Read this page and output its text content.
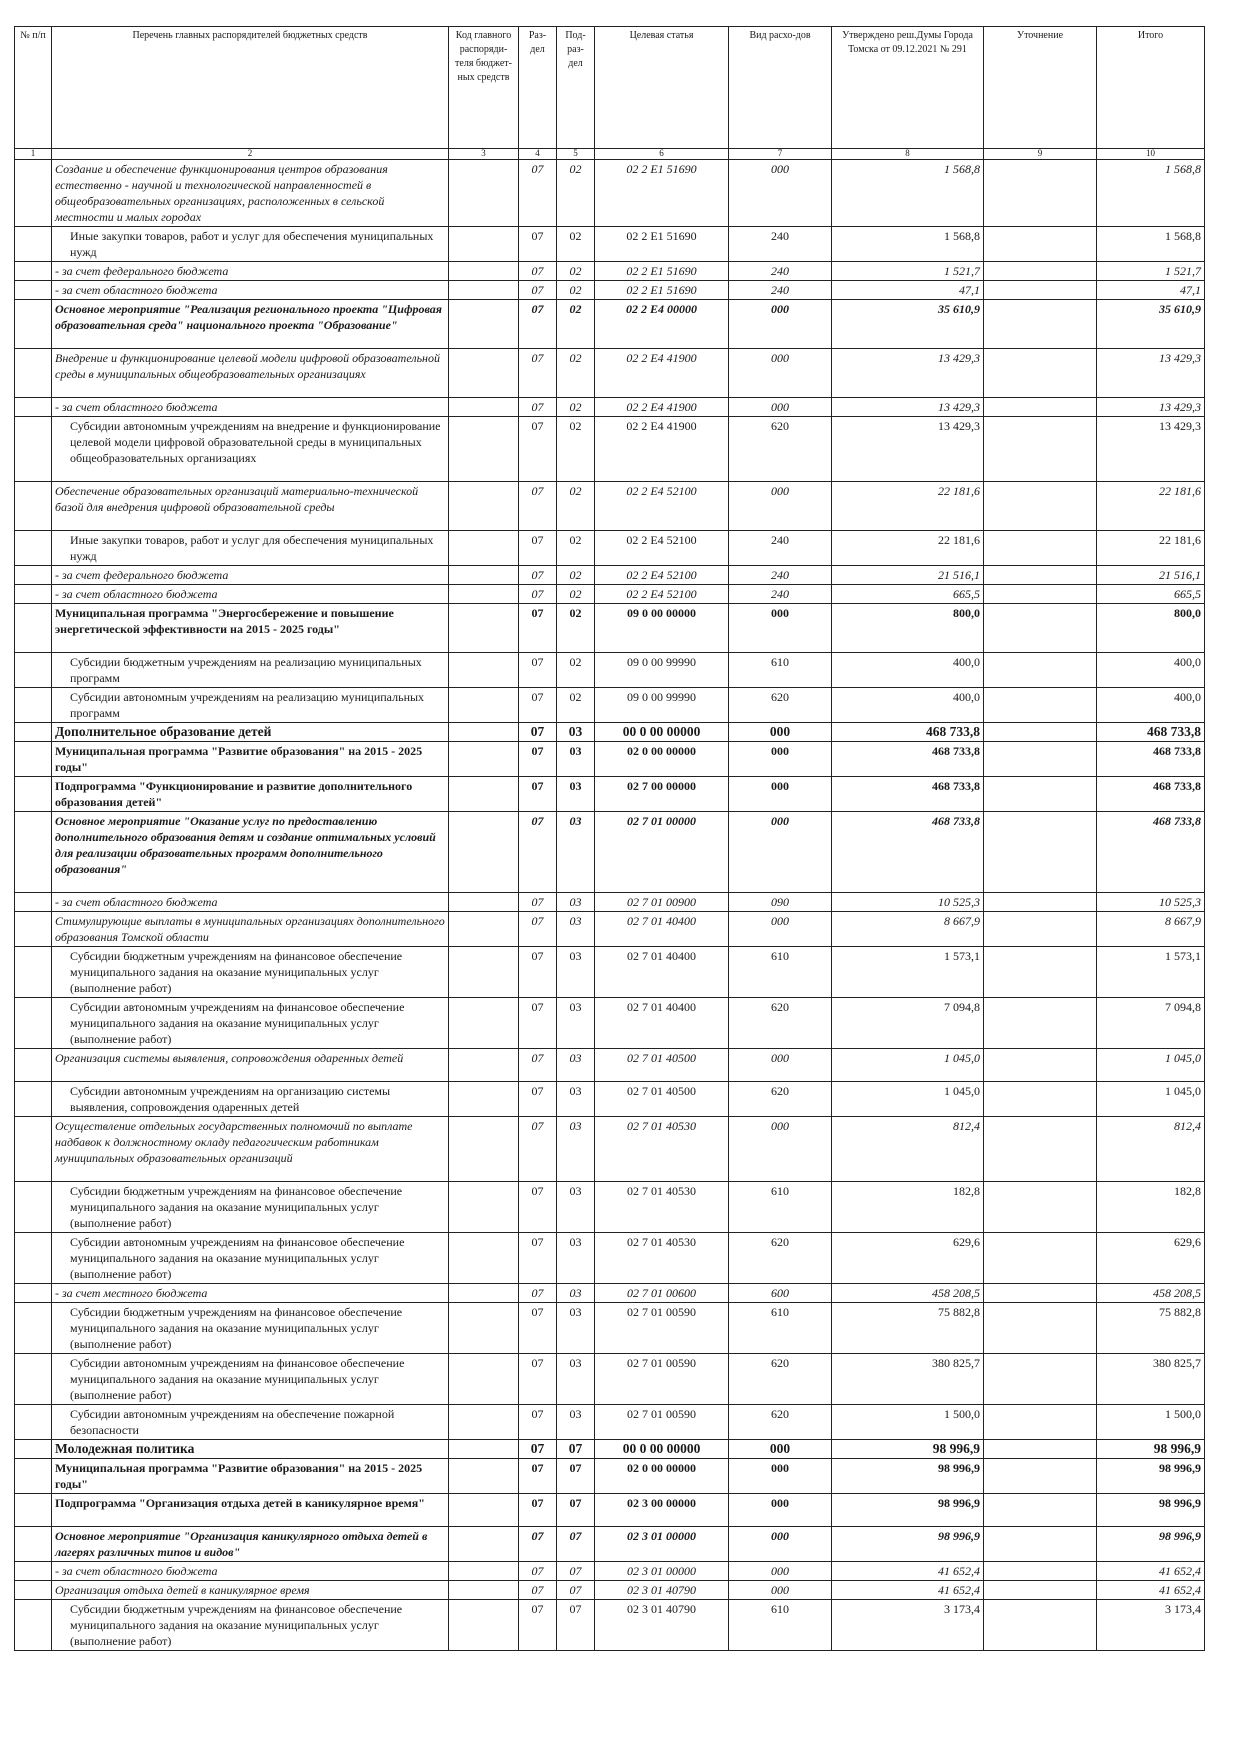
№ п/п	Перечень главных распорядителей бюджетных средств	Код главного распоряди-теля бюджет-ных средств	Раз-дел	Под-раз-дел	Целевая статья	Вид расхо-дов	Утверждено реш.Думы Города Томска от 09.12.2021 № 291	Уточнение	Итого
1	2	3	4	5	6	7	8	9	10
	Создание и обеспечение функционирования центров образования естественно - научной и технологической направленностей в общеобразовательных организациях, расположенных в сельской местности и малых городах		07	02	02 2 E1 51690	000	1 568,8		1 568,8
	Иные закупки товаров, работ и услуг для обеспечения муниципальных нужд		07	02	02 2 E1 51690	240	1 568,8		1 568,8
	- за счет федерального бюджета		07	02	02 2 E1 51690	240	1 521,7		1 521,7
	- за счет областного бюджета		07	02	02 2 E1 51690	240	47,1		47,1
	Основное мероприятие "Реализация регионального проекта "Цифровая образовательная среда" национального проекта "Образование"		07	02	02 2 E4 00000	000	35 610,9		35 610,9
	Внедрение и функционирование целевой модели цифровой образовательной среды в муниципальных общеобразовательных организациях		07	02	02 2 E4 41900	000	13 429,3		13 429,3
	- за счет областного бюджета		07	02	02 2 E4 41900	000	13 429,3		13 429,3
	Субсидии автономным учреждениям на внедрение и функционирование целевой модели цифровой образовательной среды в муниципальных общеобразовательных организациях		07	02	02 2 E4 41900	620	13 429,3		13 429,3
	Обеспечение образовательных организаций материально-технической базой для внедрения цифровой образовательной среды		07	02	02 2 E4 52100	000	22 181,6		22 181,6
	Иные закупки товаров, работ и услуг для обеспечения муниципальных нужд		07	02	02 2 E4 52100	240	22 181,6		22 181,6
	- за счет федерального бюджета		07	02	02 2 E4 52100	240	21 516,1		21 516,1
	- за счет областного бюджета		07	02	02 2 E4 52100	240	665,5		665,5
	Муниципальная программа "Энергосбережение и повышение энергетической эффективности на 2015 - 2025 годы"		07	02	09 0 00 00000	000	800,0		800,0
	Субсидии бюджетным учреждениям на реализацию муниципальных программ		07	02	09 0 00 99990	610	400,0		400,0
	Субсидии автономным учреждениям на реализацию муниципальных программ		07	02	09 0 00 99990	620	400,0		400,0
	Дополнительное образование детей		07	03	00 0 00 00000	000	468 733,8		468 733,8
	Муниципальная программа "Развитие образования" на 2015 - 2025 годы"		07	03	02 0 00 00000	000	468 733,8		468 733,8
	Подпрограмма "Функционирование и развитие дополнительного образования детей"		07	03	02 7 00 00000	000	468 733,8		468 733,8
	Основное мероприятие "Оказание услуг по предоставлению дополнительного образования детям и создание оптимальных условий для реализации образовательных программ дополнительного образования"		07	03	02 7 01 00000	000	468 733,8		468 733,8
	- за счет областного бюджета		07	03	02 7 01 00900	090	10 525,3		10 525,3
	Стимулирующие выплаты в муниципальных организациях дополнительного образования Томской области		07	03	02 7 01 40400	000	8 667,9		8 667,9
	Субсидии бюджетным учреждениям на финансовое обеспечение муниципального задания на оказание муниципальных услуг (выполнение работ)		07	03	02 7 01 40400	610	1 573,1		1 573,1
	Субсидии автономным учреждениям на финансовое обеспечение муниципального задания на оказание муниципальных услуг (выполнение работ)		07	03	02 7 01 40400	620	7 094,8		7 094,8
	Организация системы выявления, сопровождения одаренных детей		07	03	02 7 01 40500	000	1 045,0		1 045,0
	Субсидии автономным учреждениям на организацию системы выявления, сопровождения одаренных детей		07	03	02 7 01 40500	620	1 045,0		1 045,0
	Осуществление отдельных государственных полномочий по выплате надбавок к должностному окладу педагогическим работникам муниципальных образовательных организаций		07	03	02 7 01 40530	000	812,4		812,4
	Субсидии бюджетным учреждениям на финансовое обеспечение муниципального задания на оказание муниципальных услуг (выполнение работ)		07	03	02 7 01 40530	610	182,8		182,8
	Субсидии автономным учреждениям на финансовое обеспечение муниципального задания на оказание муниципальных услуг (выполнение работ)		07	03	02 7 01 40530	620	629,6		629,6
	- за счет местного бюджета		07	03	02 7 01 00600	600	458 208,5		458 208,5
	Субсидии бюджетным учреждениям на финансовое обеспечение муниципального задания на оказание муниципальных услуг (выполнение работ)		07	03	02 7 01 00590	610	75 882,8		75 882,8
	Субсидии автономным учреждениям на финансовое обеспечение муниципального задания на оказание муниципальных услуг (выполнение работ)		07	03	02 7 01 00590	620	380 825,7		380 825,7
	Субсидии автономным учреждениям на обеспечение пожарной безопасности		07	03	02 7 01 00590	620	1 500,0		1 500,0
	Молодежная политика		07	07	00 0 00 00000	000	98 996,9		98 996,9
	Муниципальная программа "Развитие образования" на 2015 - 2025 годы"		07	07	02 0 00 00000	000	98 996,9		98 996,9
	Подпрограмма "Организация отдыха детей в каникулярное время"		07	07	02 3 00 00000	000	98 996,9		98 996,9
	Основное мероприятие "Организация каникулярного отдыха детей в лагерях различных типов и видов"		07	07	02 3 01 00000	000	98 996,9		98 996,9
	- за счет областного бюджета		07	07	02 3 01 00000	000	41 652,4		41 652,4
	Организация отдыха детей в каникулярное время		07	07	02 3 01 40790	000	41 652,4		41 652,4
	Субсидии бюджетным учреждениям на финансовое обеспечение муниципального задания на оказание муниципальных услуг (выполнение работ)		07	07	02 3 01 40790	610	3 173,4		3 173,4
